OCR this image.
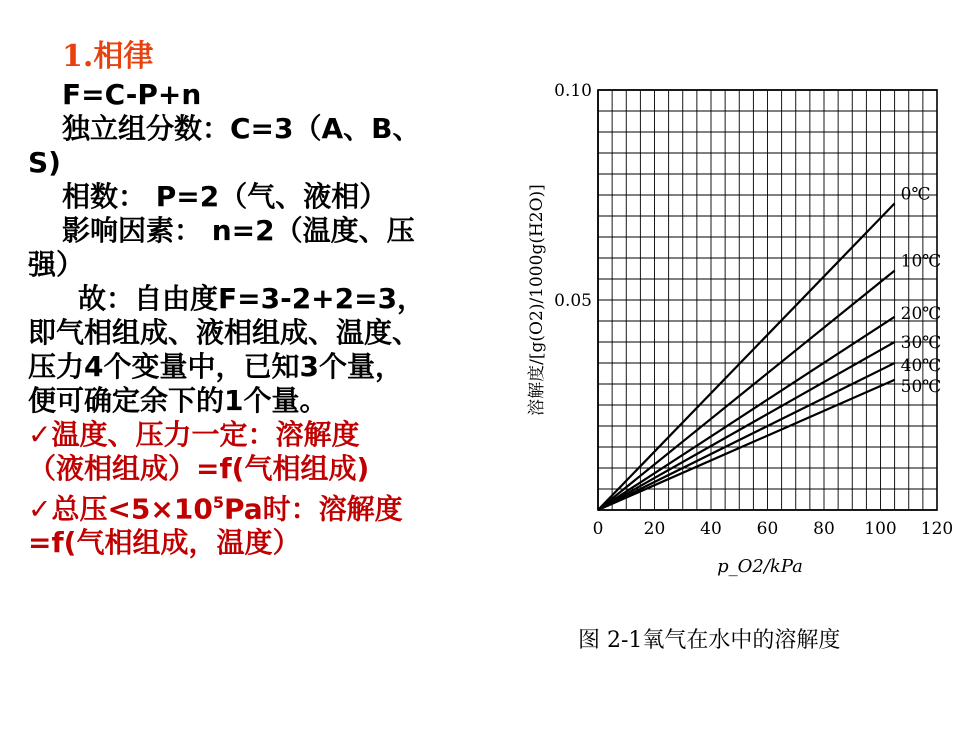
1.相律

F=C-P+n

独立组分数：C=3（A、B、

S)

相数： P=2（气、液相）

影响因素： n=2（温度、压

强）

故：自由度F=3-2+2=3，

即气相组成、液相组成、温度、

压力4个变量中，已知3个量，

便可确定余下的1个量。

✓温度、压力一定：溶解度

（液相组成）=f(气相组成)

✓总压$<5\times 10^5Pa$时：溶解度

=f(气相组成，温度）	0 20 40 60 80 100 120
0.05
0.10
p_O2/kPa
溶解度/[g(O2)/1000g(H2O)]	0℃
10℃
20℃
30℃
40℃
50℃
图 2-1氧气在水中的溶解度
